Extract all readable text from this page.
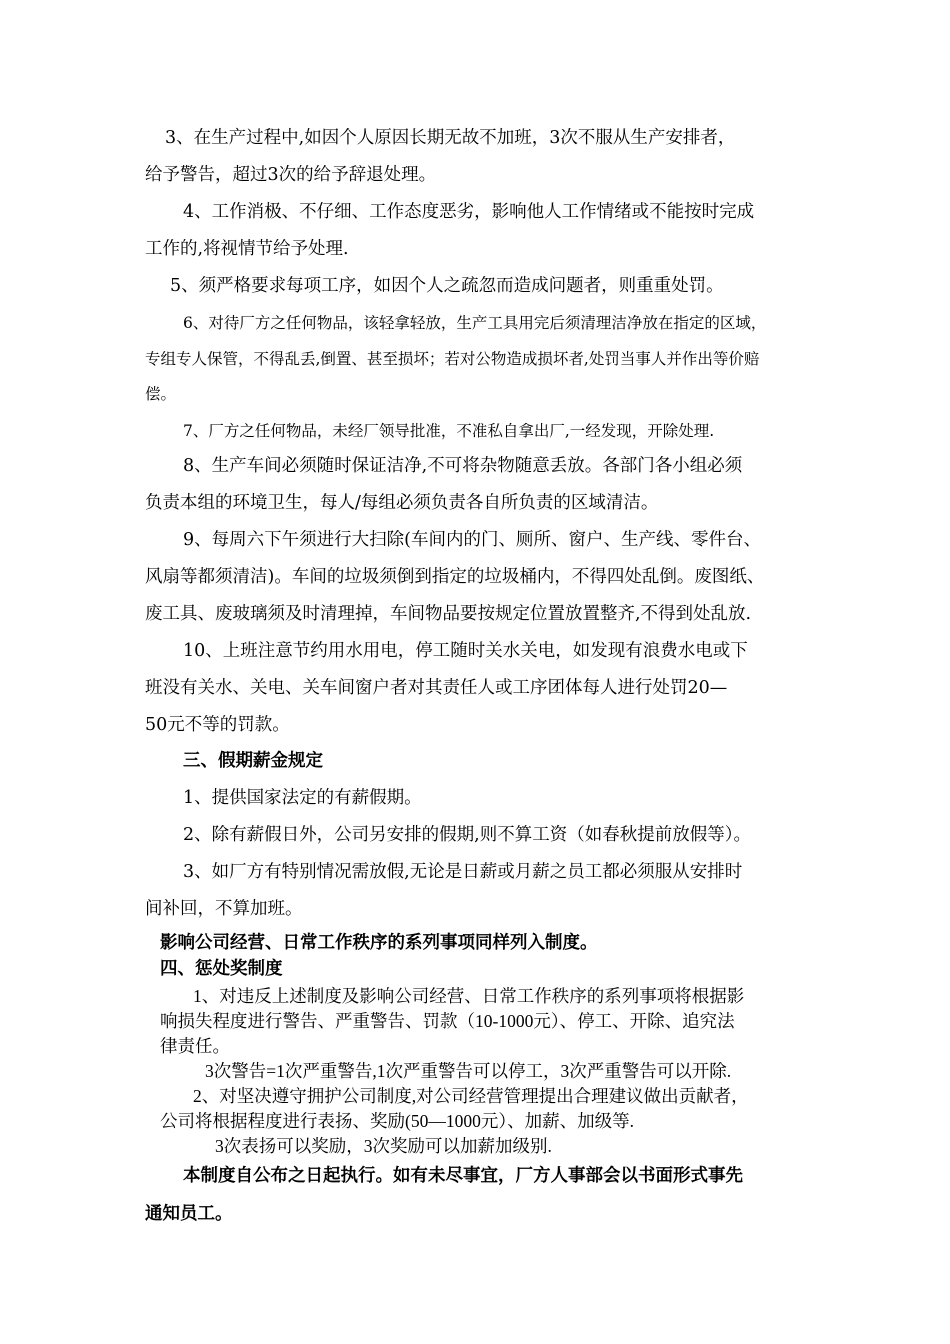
3、在生产过程中,如因个人原因长期无故不加班，3次不服从生产安排者，
给予警告，超过3次的给予辞退处理。
4、工作消极、不仔细、工作态度恶劣，影响他人工作情绪或不能按时完成
工作的,将视情节给予处理.
5、须严格要求每项工序，如因个人之疏忽而造成问题者，则重重处罚。
6、对待厂方之任何物品，该轻拿轻放，生产工具用完后须清理洁净放在指定的区域，
专组专人保管，不得乱丢,倒置、甚至损坏；若对公物造成损坏者,处罚当事人并作出等价赔
偿。
7、厂方之任何物品，未经厂领导批准，不准私自拿出厂,一经发现，开除处理.
8、生产车间必须随时保证洁净,不可将杂物随意丢放。各部门各小组必须
负责本组的环境卫生，每人/每组必须负责各自所负责的区域清洁。
9、每周六下午须进行大扫除(车间内的门、厕所、窗户、生产线、零件台、
风扇等都须清洁)。车间的垃圾须倒到指定的垃圾桶内，不得四处乱倒。废图纸、
废工具、废玻璃须及时清理掉，车间物品要按规定位置放置整齐,不得到处乱放.
10、上班注意节约用水用电，停工随时关水关电，如发现有浪费水电或下
班没有关水、关电、关车间窗户者对其责任人或工序团体每人进行处罚20—
50元不等的罚款。
三、假期薪金规定
1、提供国家法定的有薪假期。
2、除有薪假日外，公司另安排的假期,则不算工资（如春秋提前放假等）。
3、如厂方有特别情况需放假,无论是日薪或月薪之员工都必须服从安排时
间补回，不算加班。
影响公司经营、日常工作秩序的系列事项同样列入制度。
四、惩处奖制度
1、对违反上述制度及影响公司经营、日常工作秩序的系列事项将根据影
响损失程度进行警告、严重警告、罚款（10-1000元）、停工、开除、追究法
律责任。
3次警告=1次严重警告,1次严重警告可以停工，3次严重警告可以开除.
2、对坚决遵守拥护公司制度,对公司经营管理提出合理建议做出贡献者，
公司将根据程度进行表扬、奖励(50—1000元）、加薪、加级等.
3次表扬可以奖励，3次奖励可以加薪加级别.
本制度自公布之日起执行。如有未尽事宜，厂方人事部会以书面形式事先
通知员工。
